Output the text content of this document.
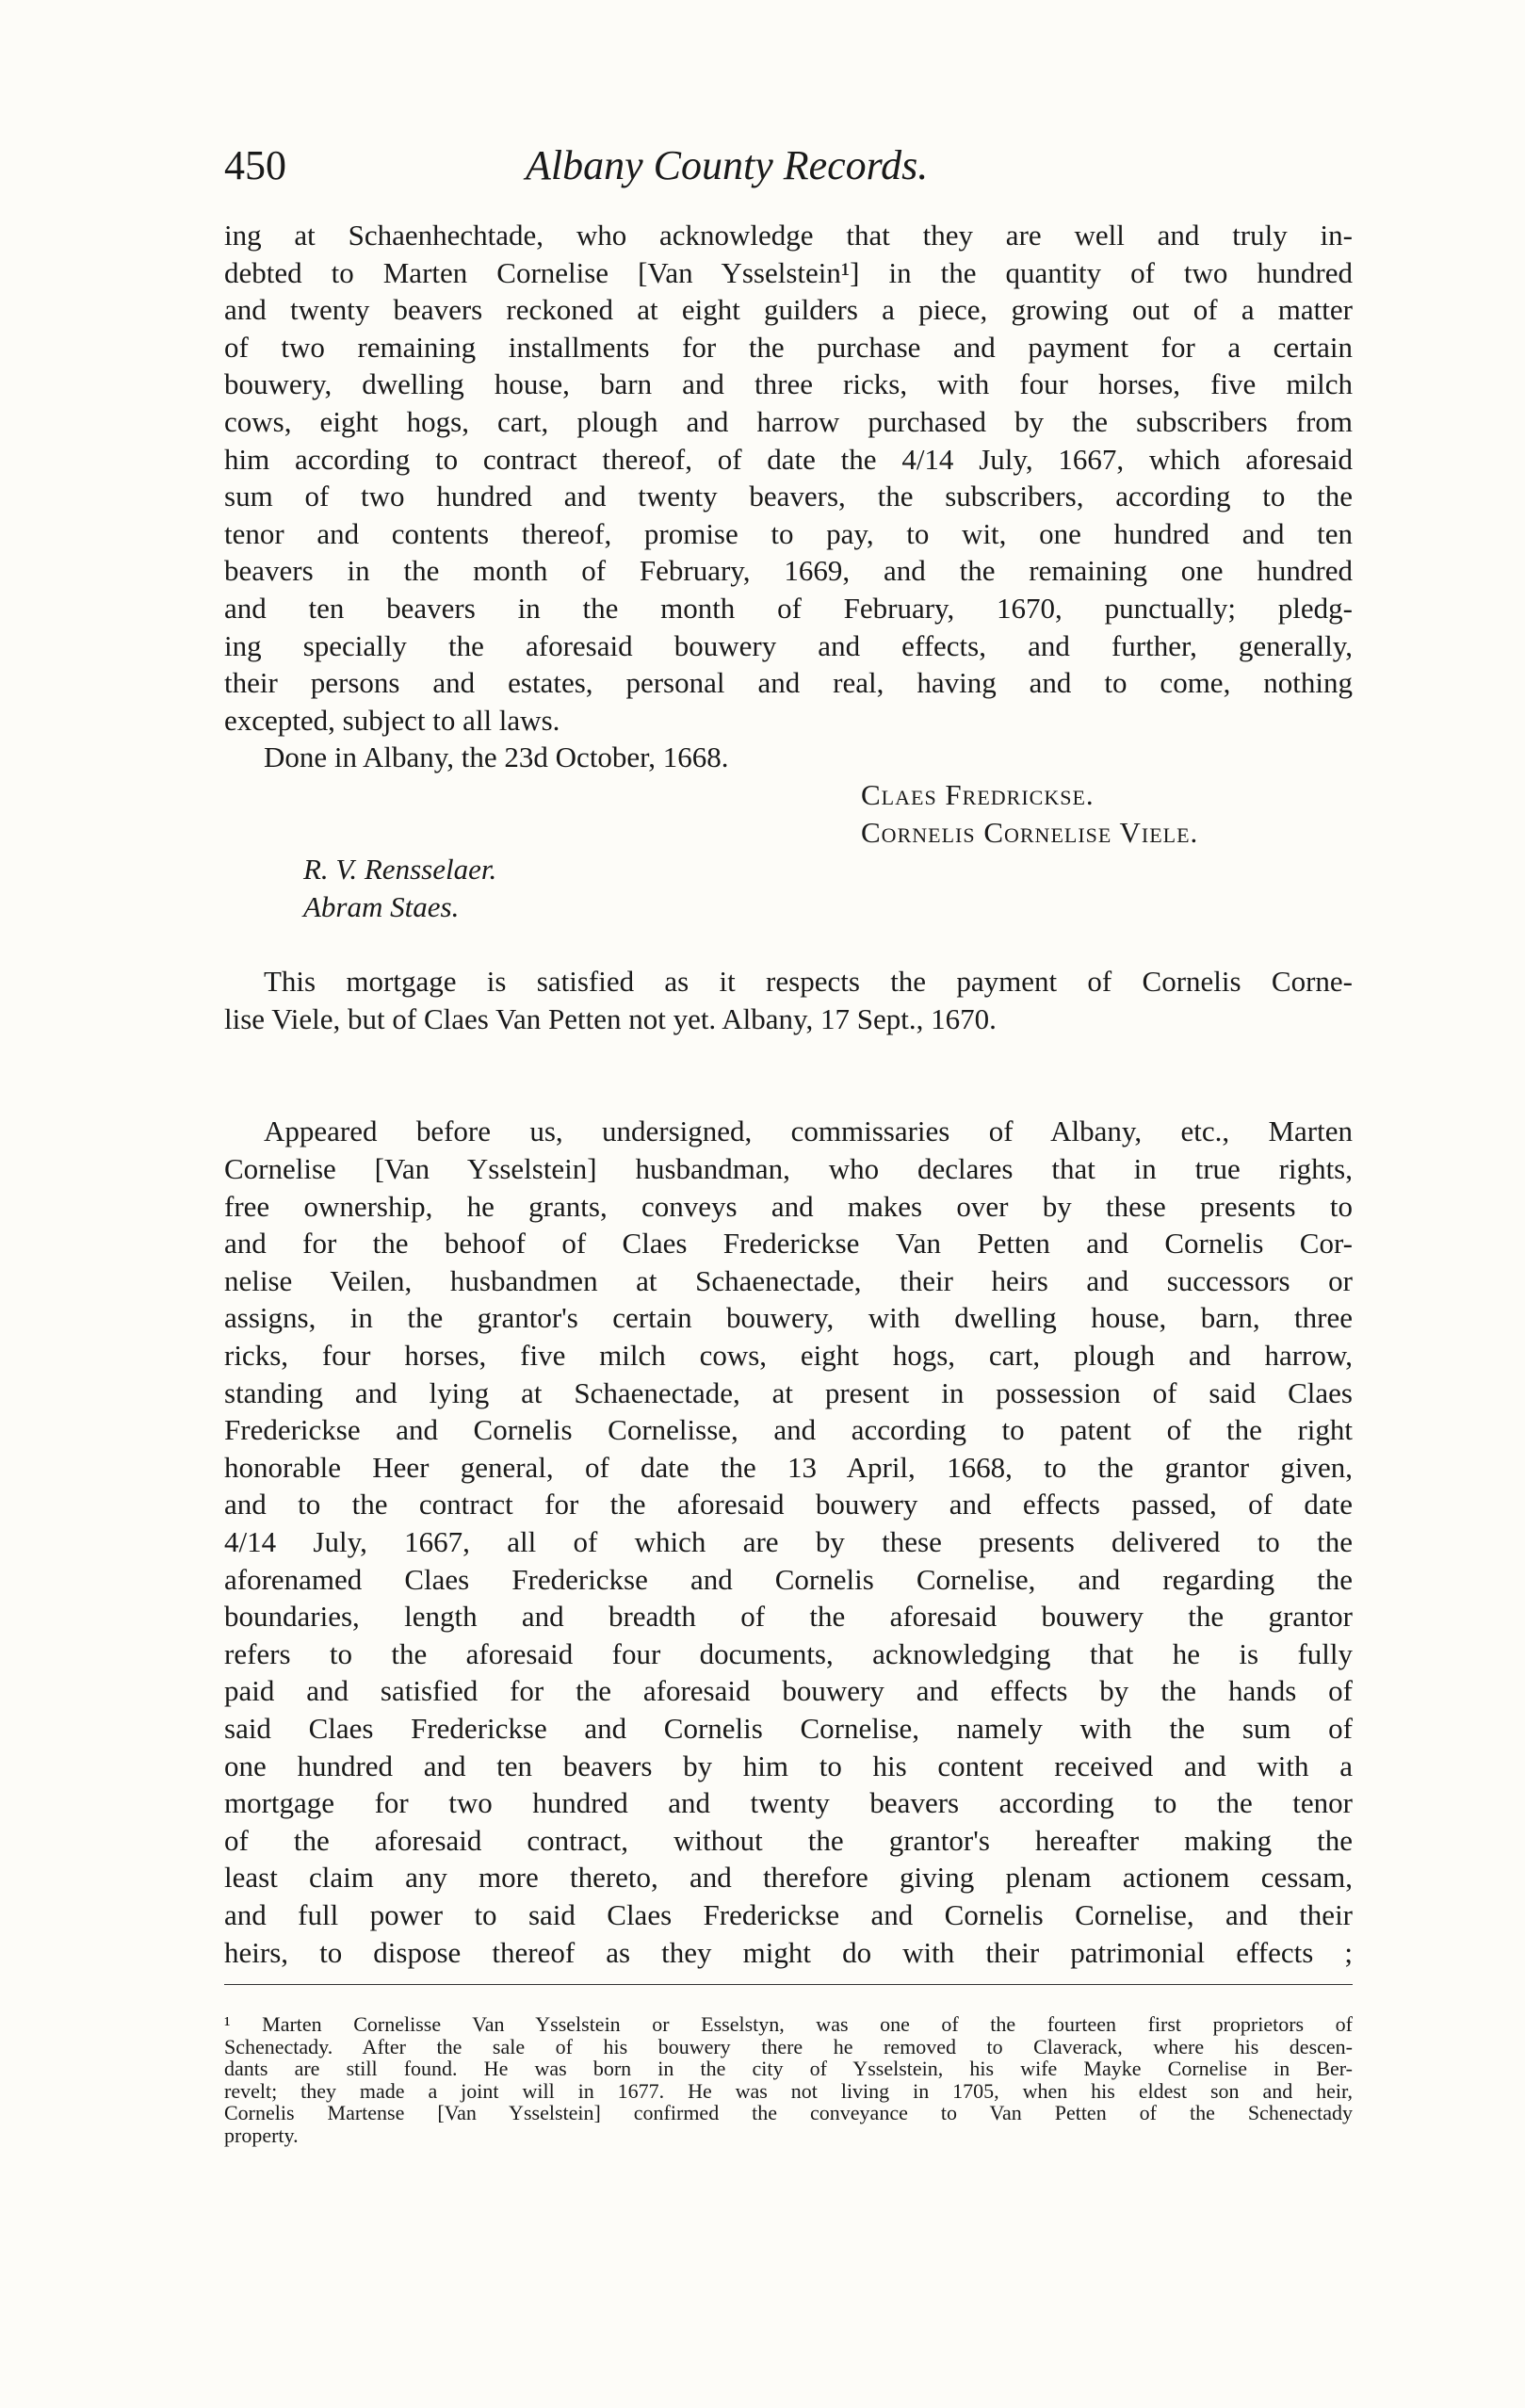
450	Albany County Records.
ing at Schaenhechtade, who acknowledge that they are well and truly in-
debted to Marten Cornelise [Van Ysselstein¹] in the quantity of two hundred
and twenty beavers reckoned at eight guilders a piece, growing out of a matter
of two remaining installments for the purchase and payment for a certain
bouwery, dwelling house, barn and three ricks, with four horses, five milch
cows, eight hogs, cart, plough and harrow purchased by the subscribers from
him according to contract thereof, of date the 4/14 July, 1667, which aforesaid
sum of two hundred and twenty beavers, the subscribers, according to the
tenor and contents thereof, promise to pay, to wit, one hundred and ten
beavers in the month of February, 1669, and the remaining one hundred
and ten beavers in the month of February, 1670, punctually; pledg-
ing specially the aforesaid bouwery and effects, and further, generally,
their persons and estates, personal and real, having and to come, nothing
excepted, subject to all laws.
Done in Albany, the 23d October, 1668.
Claes Fredrickse.
Cornelis Cornelise Viele.
R. V. Rensselaer.
Abram Staes.
This mortgage is satisfied as it respects the payment of Cornelis Corne-
lise Viele, but of Claes Van Petten not yet. Albany, 17 Sept., 1670.
Appeared before us, undersigned, commissaries of Albany, etc., Marten
Cornelise [Van Ysselstein] husbandman, who declares that in true rights,
free ownership, he grants, conveys and makes over by these presents to
and for the behoof of Claes Fredericksе Van Petten and Cornelis Cor-
nelise Veilen, husbandmen at Schaenectade, their heirs and successors or
assigns, in the grantor's certain bouwery, with dwelling house, barn, three
ricks, four horses, five milch cows, eight hogs, cart, plough and harrow,
standing and lying at Schaenectade, at present in possession of said Claes
Frederickse and Cornelis Cornelisse, and according to patent of the right
honorable Heer general, of date the 13 April, 1668, to the grantor given,
and to the contract for the aforesaid bouwery and effects passed, of date
4/14 July, 1667, all of which are by these presents delivered to the
aforenamed Claes Frederickse and Cornelis Cornelise, and regarding the
boundaries, length and breadth of the aforesaid bouwery the grantor
refers to the aforesaid four documents, acknowledging that he is fully
paid and satisfied for the aforesaid bouwery and effects by the hands of
said Claes Frederickse and Cornelis Cornelise, namely with the sum of
one hundred and ten beavers by him to his content received and with a
mortgage for two hundred and twenty beavers according to the tenor
of the aforesaid contract, without the grantor's hereafter making the
least claim any more thereto, and therefore giving plenam actionem cessam,
and full power to said Claes Frederickse and Cornelis Cornelise, and their
heirs, to dispose thereof as they might do with their patrimonial effects ;
¹ Marten Cornelisse Van Ysselstein or Esselstyn, was one of the fourteen first proprietors of
Schenectady. After the sale of his bouwery there he removed to Claverack, where his descen-
dants are still found. He was born in the city of Ysselstein, his wife Mayke Cornelise in Ber-
revelt; they made a joint will in 1677. He was not living in 1705, when his eldest son and heir,
Cornelis Martense [Van Ysselstein] confirmed the conveyance to Van Petten of the Schenectady
property.
